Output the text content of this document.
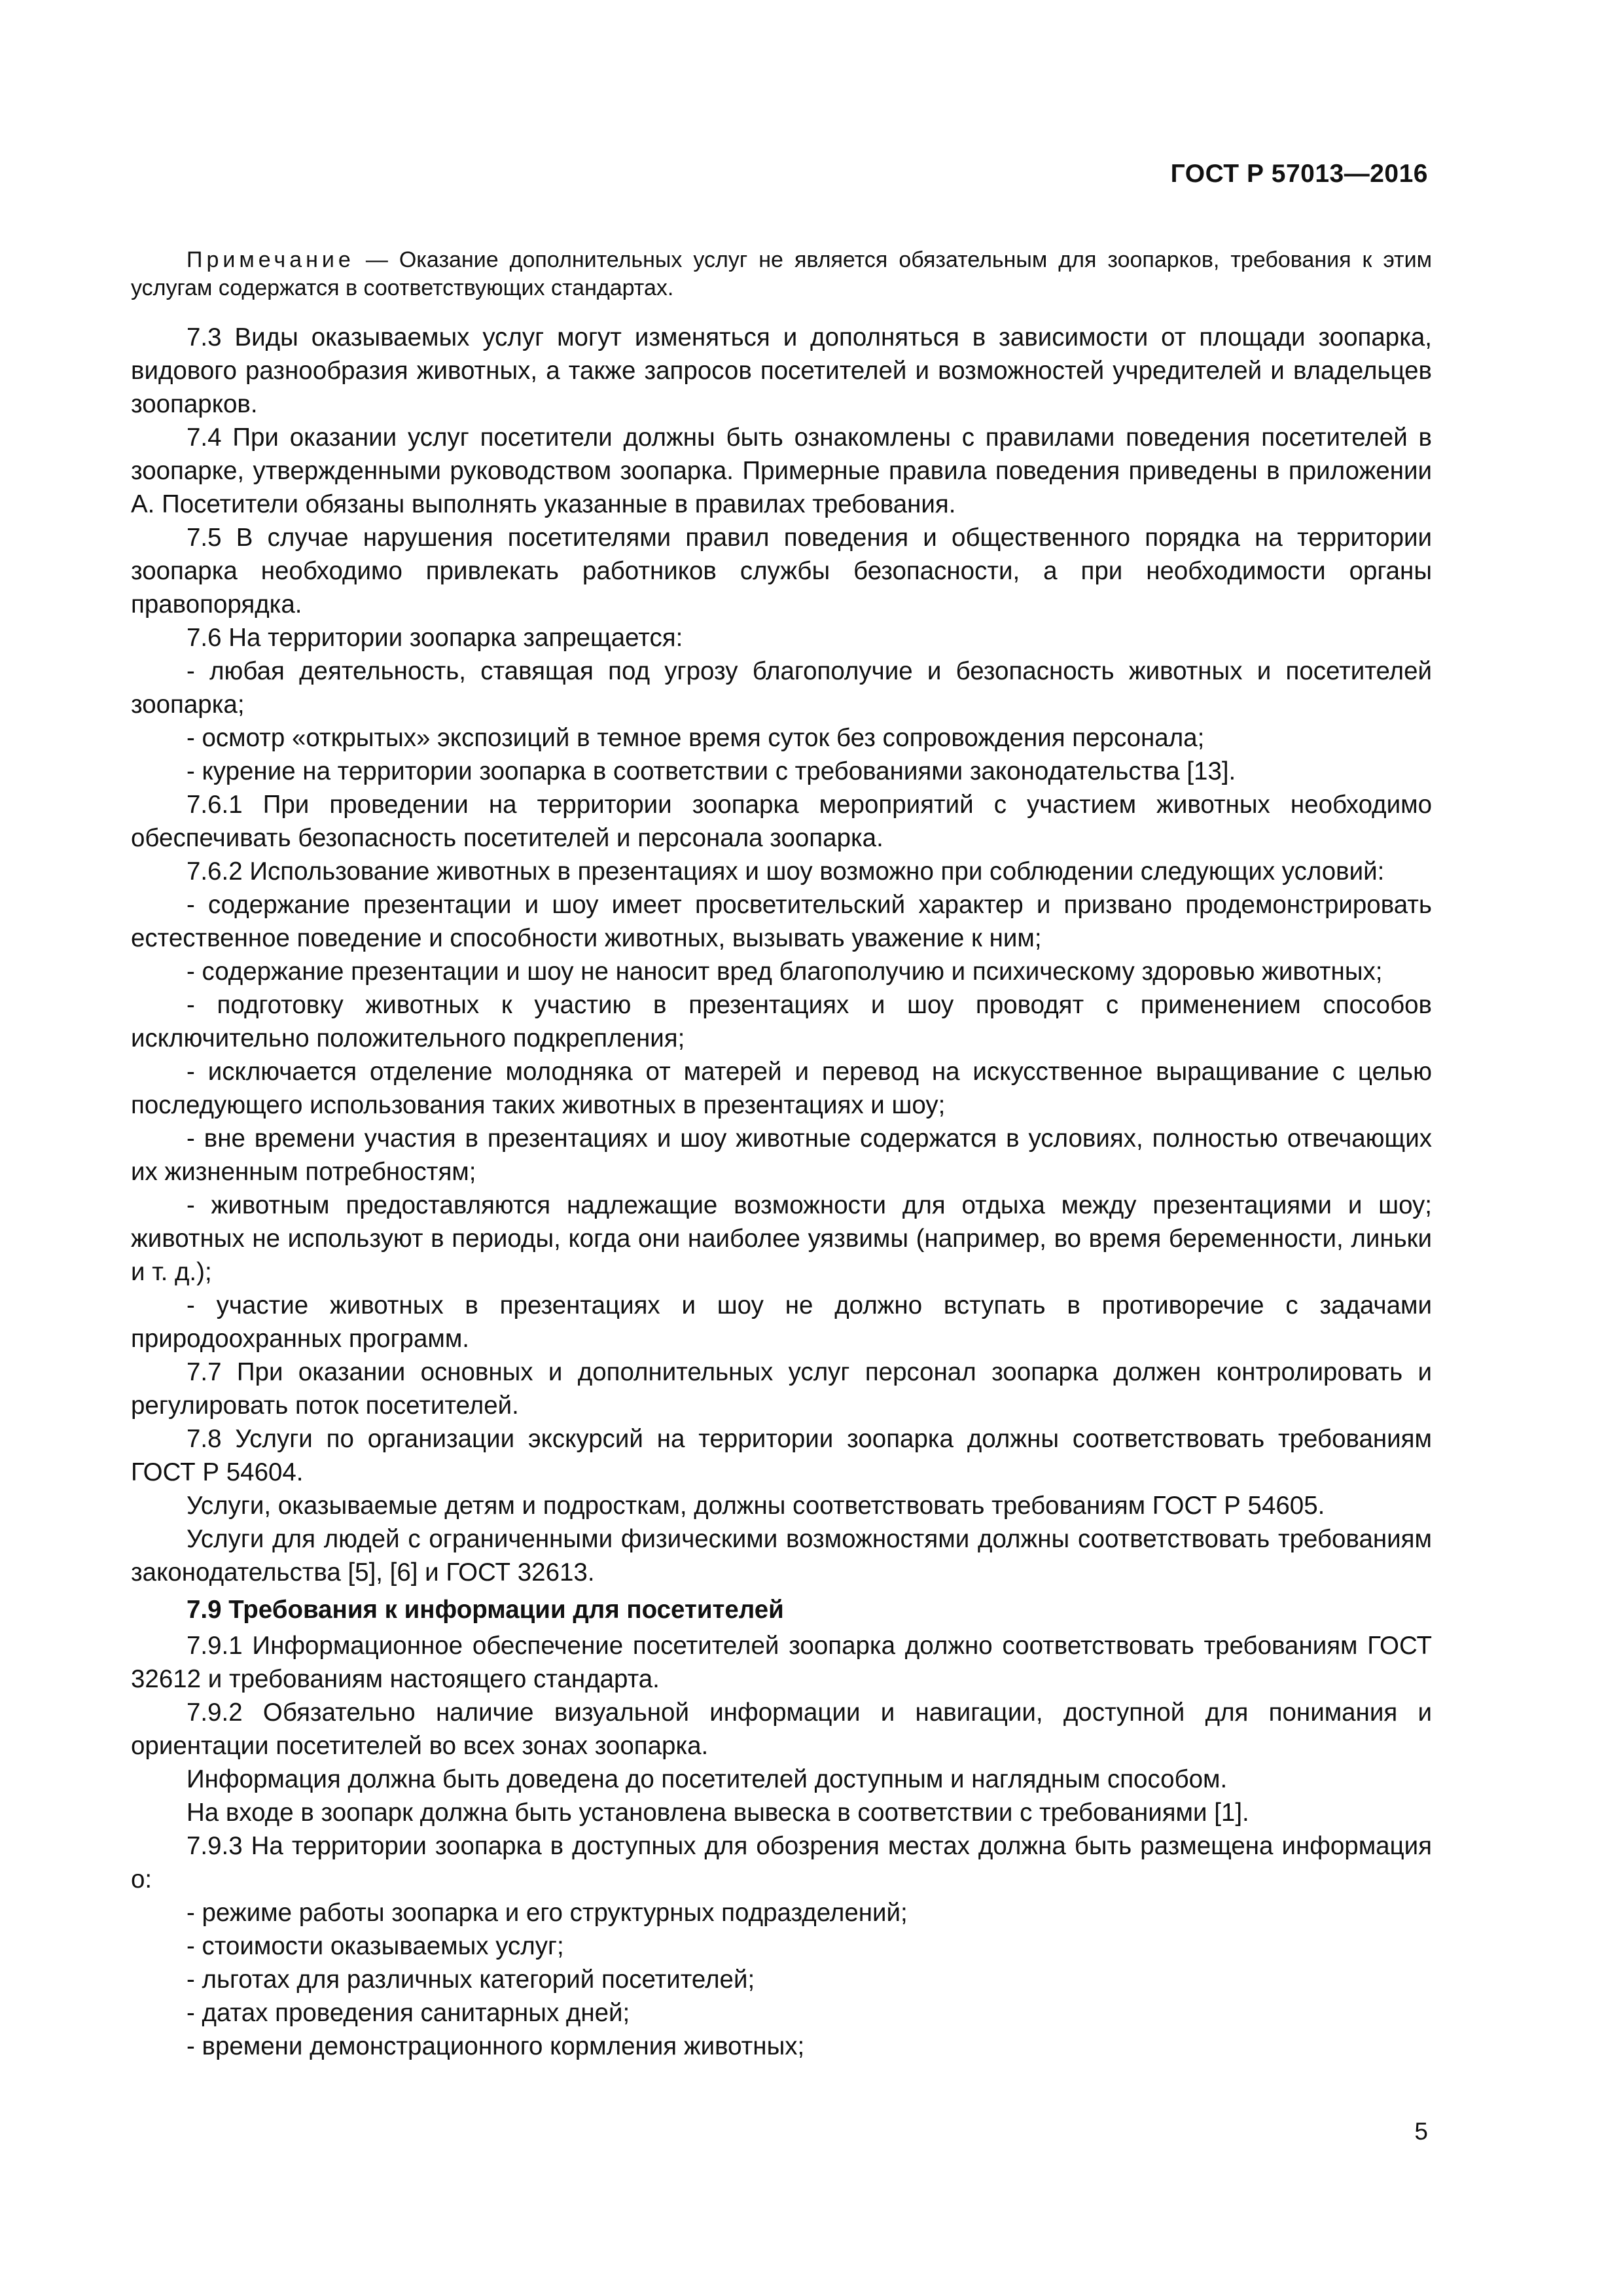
ГОСТ Р 57013—2016

Примечание — Оказание дополнительных услуг не является обязательным для зоопарков, требования к этим услугам содержатся в соответствующих стандартах.

7.3 Виды оказываемых услуг могут изменяться и дополняться в зависимости от площади зоопарка, видового разнообразия животных, а также запросов посетителей и возможностей учредителей и владельцев зоопарков.

7.4 При оказании услуг посетители должны быть ознакомлены с правилами поведения посетителей в зоопарке, утвержденными руководством зоопарка. Примерные правила поведения приведены в приложении А. Посетители обязаны выполнять указанные в правилах требования.

7.5 В случае нарушения посетителями правил поведения и общественного порядка на территории зоопарка необходимо привлекать работников службы безопасности, а при необходимости органы правопорядка.

7.6 На территории зоопарка запрещается:

- любая деятельность, ставящая под угрозу благополучие и безопасность животных и посетителей зоопарка;

- осмотр «открытых» экспозиций в темное время суток без сопровождения персонала;

- курение на территории зоопарка в соответствии с требованиями законодательства [13].

7.6.1 При проведении на территории зоопарка мероприятий с участием животных необходимо обеспечивать безопасность посетителей и персонала зоопарка.

7.6.2 Использование животных в презентациях и шоу возможно при соблюдении следующих условий:

- содержание презентации и шоу имеет просветительский характер и призвано продемонстрировать естественное поведение и способности животных, вызывать уважение к ним;

- содержание презентации и шоу не наносит вред благополучию и психическому здоровью животных;

- подготовку животных к участию в презентациях и шоу проводят с применением способов исключительно положительного подкрепления;

- исключается отделение молодняка от матерей и перевод на искусственное выращивание с целью последующего использования таких животных в презентациях и шоу;

- вне времени участия в презентациях и шоу животные содержатся в условиях, полностью отвечающих их жизненным потребностям;

- животным предоставляются надлежащие возможности для отдыха между презентациями и шоу; животных не используют в периоды, когда они наиболее уязвимы (например, во время беременности, линьки и т. д.);

- участие животных в презентациях и шоу не должно вступать в противоречие с задачами природоохранных программ.

7.7 При оказании основных и дополнительных услуг персонал зоопарка должен контролировать и регулировать поток посетителей.

7.8 Услуги по организации экскурсий на территории зоопарка должны соответствовать требованиям ГОСТ Р 54604.

Услуги, оказываемые детям и подросткам, должны соответствовать требованиям ГОСТ Р 54605.

Услуги для людей с ограниченными физическими возможностями должны соответствовать требованиям законодательства [5], [6] и ГОСТ 32613.

7.9 Требования к информации для посетителей

7.9.1 Информационное обеспечение посетителей зоопарка должно соответствовать требованиям ГОСТ 32612 и требованиям настоящего стандарта.

7.9.2 Обязательно наличие визуальной информации и навигации, доступной для понимания и ориентации посетителей во всех зонах зоопарка.

Информация должна быть доведена до посетителей доступным и наглядным способом.

На входе в зоопарк должна быть установлена вывеска в соответствии с требованиями [1].

7.9.3 На территории зоопарка в доступных для обозрения местах должна быть размещена информация о:

- режиме работы зоопарка и его структурных подразделений;

- стоимости оказываемых услуг;

- льготах для различных категорий посетителей;

- датах проведения санитарных дней;

- времени демонстрационного кормления животных;

5
